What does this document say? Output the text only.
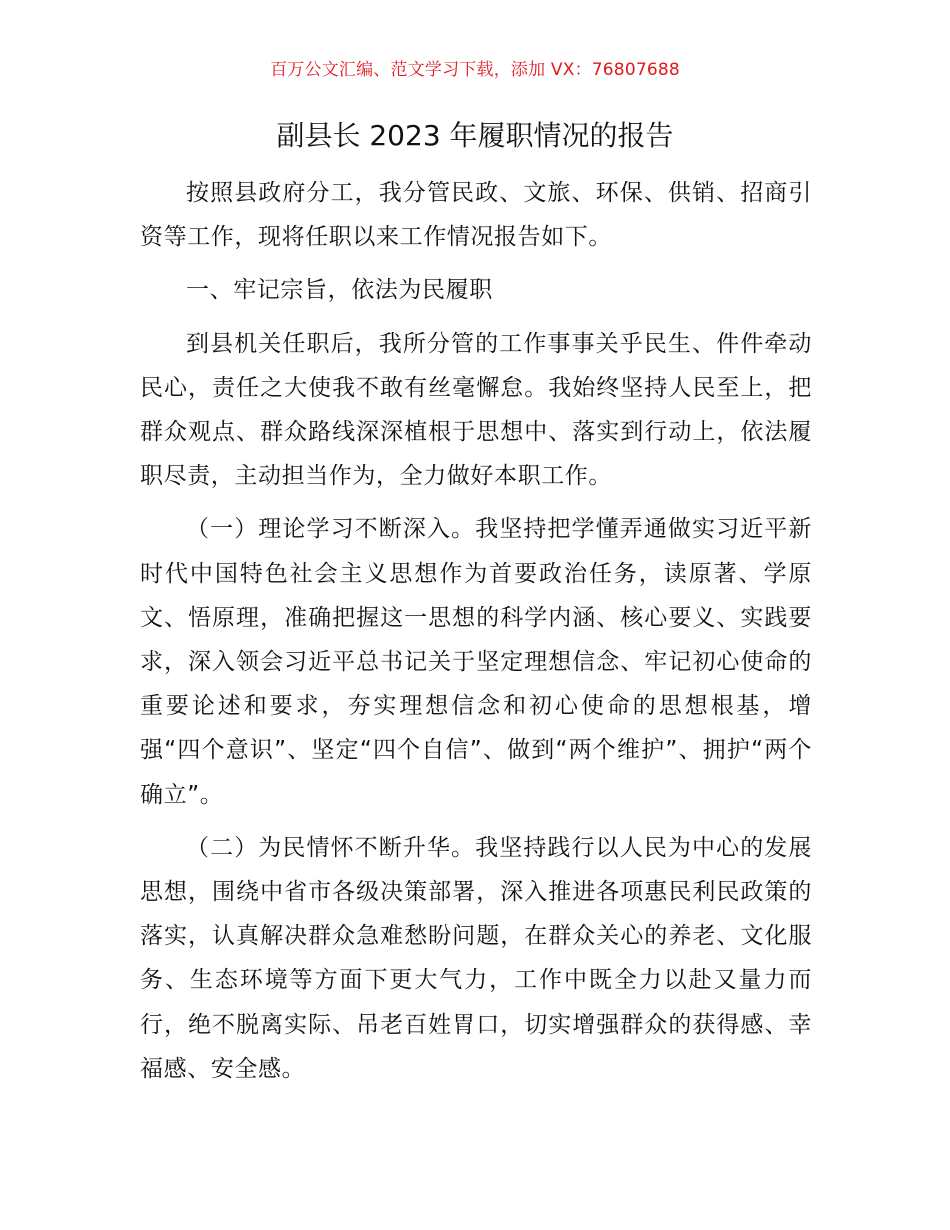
百万公文汇编、范文学习下载，添加 VX：76807688
副县长 2023 年履职情况的报告

按照县政府分工，我分管民政、文旅、环保、供销、招商引资等工作，现将任职以来工作情况报告如下。

一、牢记宗旨，依法为民履职

到县机关任职后，我所分管的工作事事关乎民生、件件牵动民心，责任之大使我不敢有丝毫懈怠。我始终坚持人民至上，把群众观点、群众路线深深植根于思想中、落实到行动上，依法履职尽责，主动担当作为，全力做好本职工作。

（一）理论学习不断深入。我坚持把学懂弄通做实习近平新时代中国特色社会主义思想作为首要政治任务，读原著、学原文、悟原理，准确把握这一思想的科学内涵、核心要义、实践要求，深入领会习近平总书记关于坚定理想信念、牢记初心使命的重要论述和要求，夯实理想信念和初心使命的思想根基，增强“四个意识”、坚定“四个自信”、做到“两个维护”、拥护“两个确立”。

（二）为民情怀不断升华。我坚持践行以人民为中心的发展思想，围绕中省市各级决策部署，深入推进各项惠民利民政策的落实，认真解决群众急难愁盼问题，在群众关心的养老、文化服务、生态环境等方面下更大气力，工作中既全力以赴又量力而行，绝不脱离实际、吊老百姓胃口，切实增强群众的获得感、幸福感、安全感。
